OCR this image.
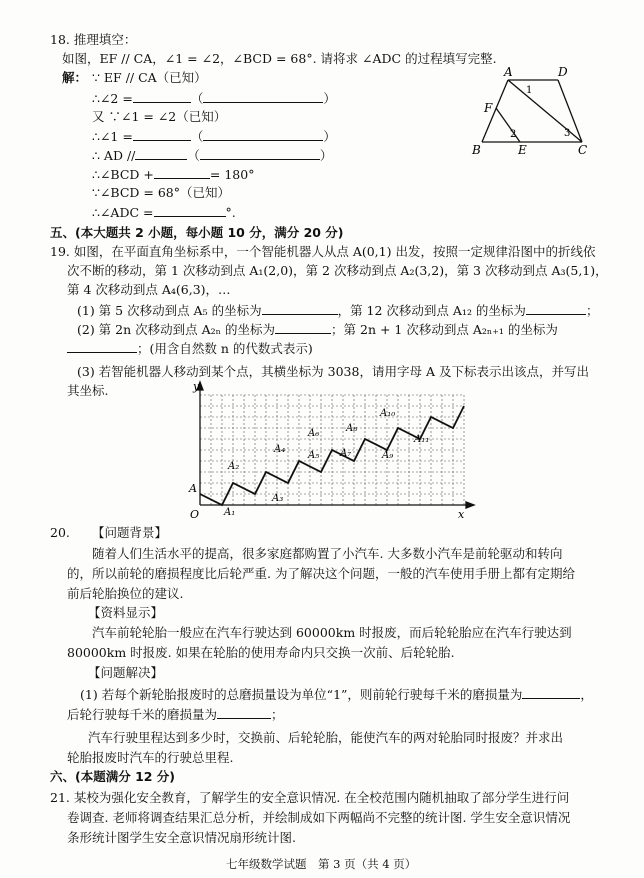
18. 推理填空：
如图，EF // CA，∠1 = ∠2，∠BCD = 68°. 请将求 ∠ADC 的过程填写完整.
解： ∵ EF // CA（已知）
∴∠2 =	（	）
又 ∵∠1 = ∠2（已知）
∴∠1 =	（	）
∴ AD //	（	）
∴∠BCD +	= 180°
∵∠BCD = 68°（已知）
∴∠ADC =	°.
A	D
F
B	E	C
1
2	3
五、(本大题共 2 小题，每小题 10 分，满分 20 分)
19. 如图，在平面直角坐标系中，一个智能机器人从点 A(0,1) 出发，按照一定规律沿图中的折线依
次不断的移动，第 1 次移动到点 A₁(2,0)，第 2 次移动到点 A₂(3,2)，第 3 次移动到点 A₃(5,1)，
第 4 次移动到点 A₄(6,3)，…
(1) 第 5 次移动到点 A₅ 的坐标为	，第 12 次移动到点 A₁₂ 的坐标为	；
(2) 第 2n 次移动到点 A₂ₙ 的坐标为	；第 2n + 1 次移动到点 A₂ₙ₊₁ 的坐标为
；(用含自然数 n 的代数式表示)
(3) 若智能机器人移动到某个点，其横坐标为 3038，请用字母 A 及下标表示出该点，并写出
其坐标.	y
x
O
A
A₁
A₂
A₃
A₄
A₅
A₆
A₇
A₈
A₉
A₁₀
A₁₁
20. 【问题背景】
随着人们生活水平的提高，很多家庭都购置了小汽车. 大多数小汽车是前轮驱动和转向
的，所以前轮的磨损程度比后轮严重. 为了解决这个问题，一般的汽车使用手册上都有定期给
前后轮胎换位的建议.
【资料显示】
汽车前轮轮胎一般应在汽车行驶达到 60000km 时报废，而后轮轮胎应在汽车行驶达到
80000km 时报废. 如果在轮胎的使用寿命内只交换一次前、后轮轮胎.
【问题解决】
(1) 若每个新轮胎报废时的总磨损量设为单位“1”，则前轮行驶每千米的磨损量为	，
后轮行驶每千米的磨损量为	；
汽车行驶里程达到多少时，交换前、后轮轮胎，能使汽车的两对轮胎同时报废？并求出
轮胎报废时汽车的行驶总里程.
六、(本题满分 12 分)
21. 某校为强化安全教育，了解学生的安全意识情况. 在全校范围内随机抽取了部分学生进行问
卷调查. 老师将调查结果汇总分析，并绘制成如下两幅尚不完整的统计图. 学生安全意识情况
条形统计图学生安全意识情况扇形统计图.
七年级数学试题　第 3 页（共 4 页）
